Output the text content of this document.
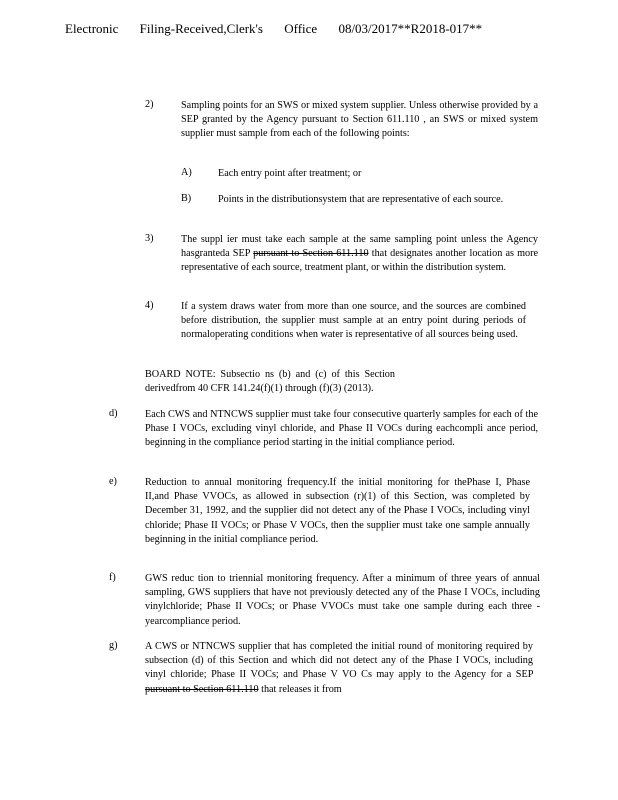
Electronic Filing-Received,Clerk's Office 08/03/2017**R2018-017**
2)	Sampling points for an SWS or mixed system supplier. Unless otherwise provided by a SEP granted by the Agency pursuant to Section 611.110 , an SWS or mixed system supplier must sample from each of the following points:
A)	Each entry point after treatment; or
B)	Points in the distributionsystem that are representative of each source.
3)	The suppl ier must take each sample at the same sampling point unless the Agency hasgranteda SEP pursuant to Section 611.110 that designates another location as more representative of each source, treatment plant, or within the distribution system.
4)	If a system draws water from more than one source, and the sources are combined before distribution, the supplier must sample at an entry point during periods of normaloperating conditions when water is representative of all sources being used.
BOARD NOTE: Subsectio ns (b) and (c) of this Section derivedfrom 40 CFR 141.24(f)(1) through (f)(3) (2013).
d)	Each CWS and NTNCWS supplier must take four consecutive quarterly samples for each of the Phase I VOCs, excluding vinyl chloride, and Phase II VOCs during eachcompli ance period, beginning in the compliance period starting in the initial compliance period.
e)	Reduction to annual monitoring frequency.If the initial monitoring for thePhase I, Phase II,and Phase VVOCs, as allowed in subsection (r)(1) of this Section, was completed by December 31, 1992, and the supplier did not detect any of the Phase I VOCs, including vinyl chloride; Phase II VOCs; or Phase V VOCs, then the supplier must take one sample annually beginning in the initial compliance period.
f)	GWS reduc tion to triennial monitoring frequency. After a minimum of three years of annual sampling, GWS suppliers that have not previously detected any of the Phase I VOCs, including vinylchloride; Phase II VOCs; or Phase VVOCs must take one sample during each three -yearcompliance period.
g)	A CWS or NTNCWS supplier that has completed the initial round of monitoring required by subsection (d) of this Section and which did not detect any of the Phase I VOCs, including vinyl chloride; Phase II VOCs; and Phase V VO Cs may apply to the Agency for a SEP pursuant to Section 611.110 that releases it from
